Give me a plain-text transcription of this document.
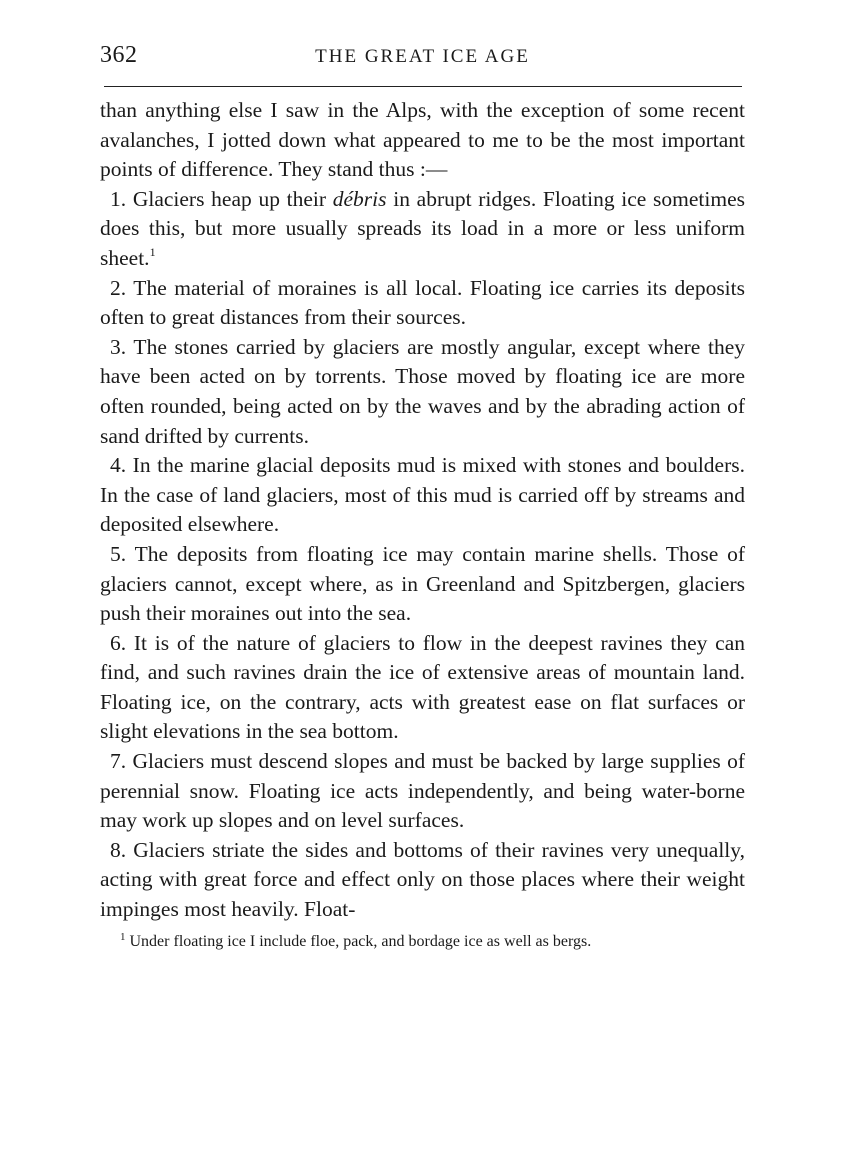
362	THE GREAT ICE AGE

than anything else I saw in the Alps, with the exception of some recent avalanches, I jotted down what appeared to me to be the most important points of difference. They stand thus :—

1. Glaciers heap up their débris in abrupt ridges. Floating ice sometimes does this, but more usually spreads its load in a more or less uniform sheet.$^1$

2. The material of moraines is all local. Floating ice carries its deposits often to great distances from their sources.

3. The stones carried by glaciers are mostly angular, except where they have been acted on by torrents. Those moved by floating ice are more often rounded, being acted on by the waves and by the abrading action of sand drifted by currents.

4. In the marine glacial deposits mud is mixed with stones and boulders. In the case of land glaciers, most of this mud is carried off by streams and deposited elsewhere.

5. The deposits from floating ice may contain marine shells. Those of glaciers cannot, except where, as in Greenland and Spitzbergen, glaciers push their moraines out into the sea.

6. It is of the nature of glaciers to flow in the deepest ravines they can find, and such ravines drain the ice of extensive areas of mountain land. Floating ice, on the contrary, acts with greatest ease on flat surfaces or slight elevations in the sea bottom.

7. Glaciers must descend slopes and must be backed by large supplies of perennial snow. Floating ice acts independently, and being water-borne may work up slopes and on level surfaces.

8. Glaciers striate the sides and bottoms of their ravines very unequally, acting with great force and effect only on those places where their weight impinges most heavily. Float-

$^1$ Under floating ice I include floe, pack, and bordage ice as well as bergs.
